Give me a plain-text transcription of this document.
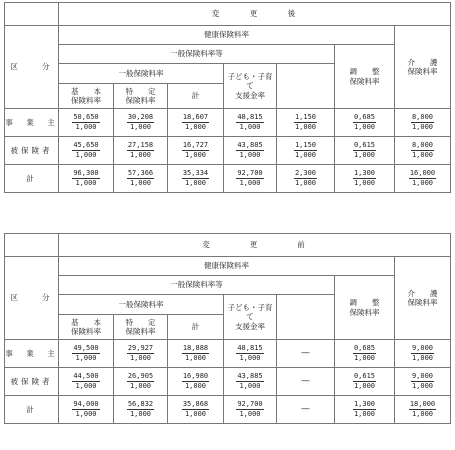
	変　　　更　　　後						
区　　分	健康保険料率						介　　護
保険料率

	一般保険料率等					調　　整
保険料率	

	一般保険料率			子ども・子育て
支援金率			

	基　　本
保険料率	特　　定
保険料率	計				
事　業　主	$\frac{50,650}{1,000}$	$\frac{30,208}{1,000}$	$\frac{18,607}{1,000}$	$\frac{48,815}{1,000}$	$\frac{1,150}{1,000}$	$\frac{0,685}{1,000}$	$\frac{8,000}{1,000}$

被保険者	$\frac{45,650}{1,000}$	$\frac{27,158}{1,000}$	$\frac{16,727}{1,000}$	$\frac{43,885}{1,000}$	$\frac{1,150}{1,000}$	$\frac{0,615}{1,000}$	$\frac{8,000}{1,000}$

計	$\frac{96,300}{1,000}$	$\frac{57,366}{1,000}$	$\frac{35,334}{1,000}$	$\frac{92,700}{1,000}$	$\frac{2,300}{1,000}$	$\frac{1,300}{1,000}$	$\frac{16,000}{1,000}$
	変　　　　更　　　　前						
区　　分	健康保険料率						介　　護
保険料率

	一般保険料率等					調　　整
保険料率	

	一般保険料率			子ども・子育て
支援金率			

	基　　本
保険料率	特　　定
保険料率	計				
事　業　主	$\frac{49,500}{1,000}$	$\frac{29,927}{1,000}$	$\frac{18,888}{1,000}$	$\frac{48,815}{1,000}$	—	$\frac{0,685}{1,000}$	$\frac{9,000}{1,000}$

被保険者	$\frac{44,500}{1,000}$	$\frac{26,905}{1,000}$	$\frac{16,980}{1,000}$	$\frac{43,885}{1,000}$	—	$\frac{0,615}{1,000}$	$\frac{9,000}{1,000}$

計	$\frac{94,000}{1,000}$	$\frac{56,832}{1,000}$	$\frac{35,868}{1,000}$	$\frac{92,700}{1,000}$	—	$\frac{1,300}{1,000}$	$\frac{18,000}{1,000}$
